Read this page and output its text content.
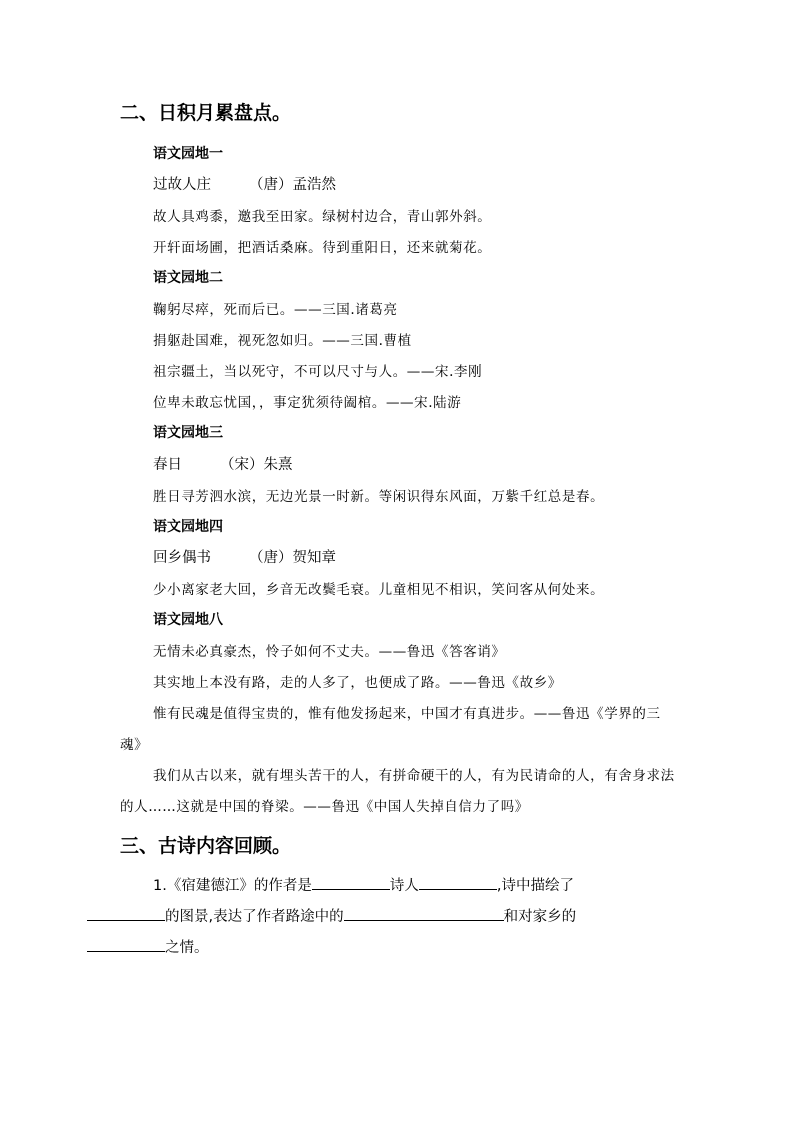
二、日积月累盘点。
语文园地一
过故人庄	（唐）孟浩然
故人具鸡黍，邀我至田家。绿树村边合，青山郭外斜。
开轩面场圃，把酒话桑麻。待到重阳日，还来就菊花。
语文园地二
鞠躬尽瘁，死而后已。——三国.诸葛亮
捐躯赴国难，视死忽如归。——三国.曹植
祖宗疆土，当以死守，不可以尺寸与人。——宋.李刚
位卑未敢忘忧国，，事定犹须待阖棺。——宋.陆游
语文园地三
春日	（宋）朱熹
胜日寻芳泗水滨，无边光景一时新。等闲识得东风面，万紫千红总是春。
语文园地四
回乡偶书	（唐）贺知章
少小离家老大回，乡音无改鬓毛衰。儿童相见不相识，笑问客从何处来。
语文园地八
无情未必真豪杰，怜子如何不丈夫。——鲁迅《答客诮》
其实地上本没有路，走的人多了，也便成了路。——鲁迅《故乡》
惟有民魂是值得宝贵的，惟有他发扬起来，中国才有真进步。——鲁迅《学界的三魂》
我们从古以来，就有埋头苦干的人，有拼命硬干的人，有为民请命的人，有舍身求法的人……这就是中国的脊梁。——鲁迅《中国人失掉自信力了吗》
三、古诗内容回顾。
1.《宿建德江》的作者是	诗人	,诗中描绘了
的图景,表达了作者路途中的	和对家乡的
之情。
